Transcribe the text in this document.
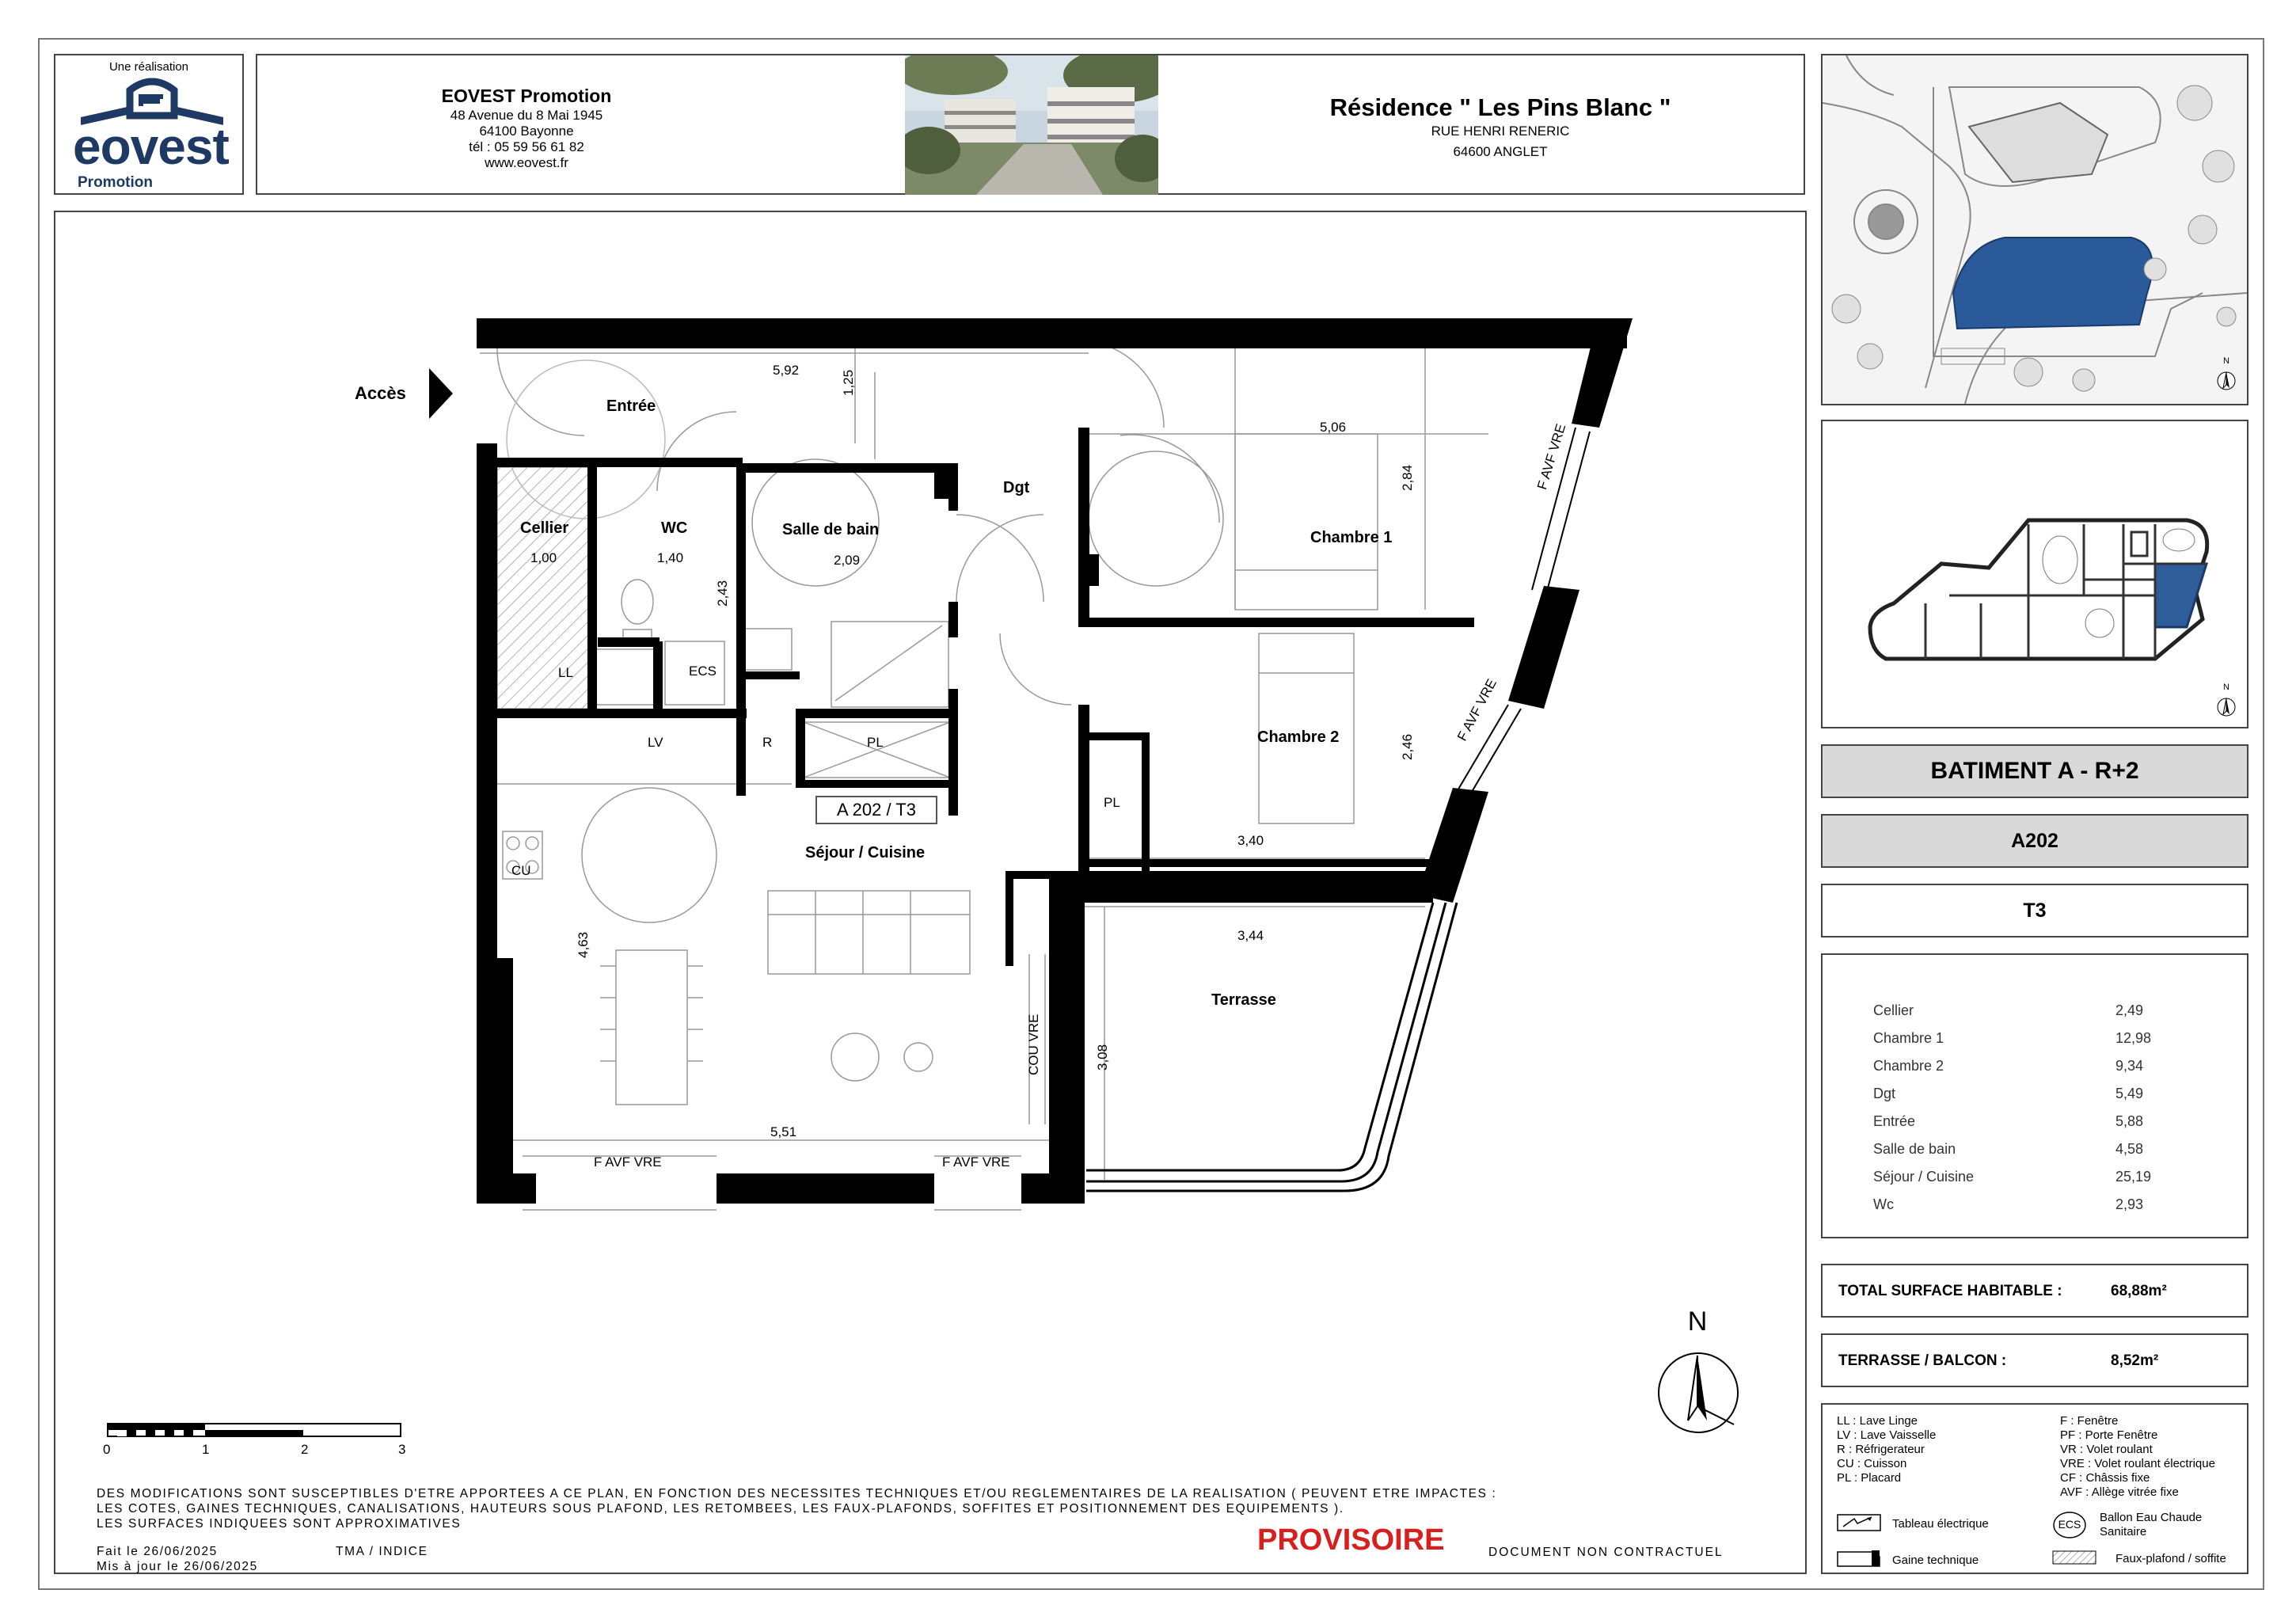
Une réalisation
eovest
Promotion
EOVEST Promotion
48 Avenue du 8 Mai 1945
64100 Bayonne
tél : 05 59 56 61 82
www.eovest.fr
Résidence " Les Pins Blanc "
RUE HENRI RENERIC
64600 ANGLET
Accès
Entrée
Cellier	WC	Salle de bain
Dgt
Chambre 1
Chambre 2
Séjour / Cuisine
Terrasse
A 202 / T3
LL	ECS
LV	R	PL
PL
CU
5,92	1,25
5,06
2,84
1,00	1,40
2,43
2,09
2,46
3,40
3,44
3,08
4,63
5,51
F AVF VRE	F AVF VRE
F AVF VRE
F AVF VRE
COU VRE
N
0	1	2	3
DES MODIFICATIONS SONT SUSCEPTIBLES D'ETRE APPORTEES A CE PLAN, EN FONCTION DES NECESSITES TECHNIQUES ET/OU REGLEMENTAIRES DE LA REALISATION ( PEUVENT ETRE IMPACTES :
LES COTES, GAINES TECHNIQUES, CANALISATIONS, HAUTEURS SOUS PLAFOND, LES RETOMBEES, LES FAUX-PLAFONDS, SOFFITES ET POSITIONNEMENT DES EQUIPEMENTS ).
LES SURFACES INDIQUEES SONT APPROXIMATIVES
Fait le 26/06/2025
Mis à jour le 26/06/2025
TMA / INDICE	PROVISOIRE	DOCUMENT NON CONTRACTUEL
N
N
BATIMENT A - R+2
A202
T3
Cellier	2,49
Chambre 1	12,98
Chambre 2	9,34
Dgt	5,49
Entrée	5,88
Salle de bain	4,58
Séjour / Cuisine	25,19
Wc	2,93
TOTAL SURFACE HABITABLE :	68,88m²
TERRASSE / BALCON :	8,52m²
LL : Lave Linge
LV : Lave Vaisselle
R : Réfrigerateur
CU : Cuisson
PL : Placard
F : Fenêtre
PF : Porte Fenêtre
VR : Volet roulant
VRE : Volet roulant électrique
CF : Châssis fixe
AVF : Allège vitrée fixe
Tableau électrique	ECS	Ballon Eau Chaude
Sanitaire
Gaine technique	Faux-plafond / soffite
